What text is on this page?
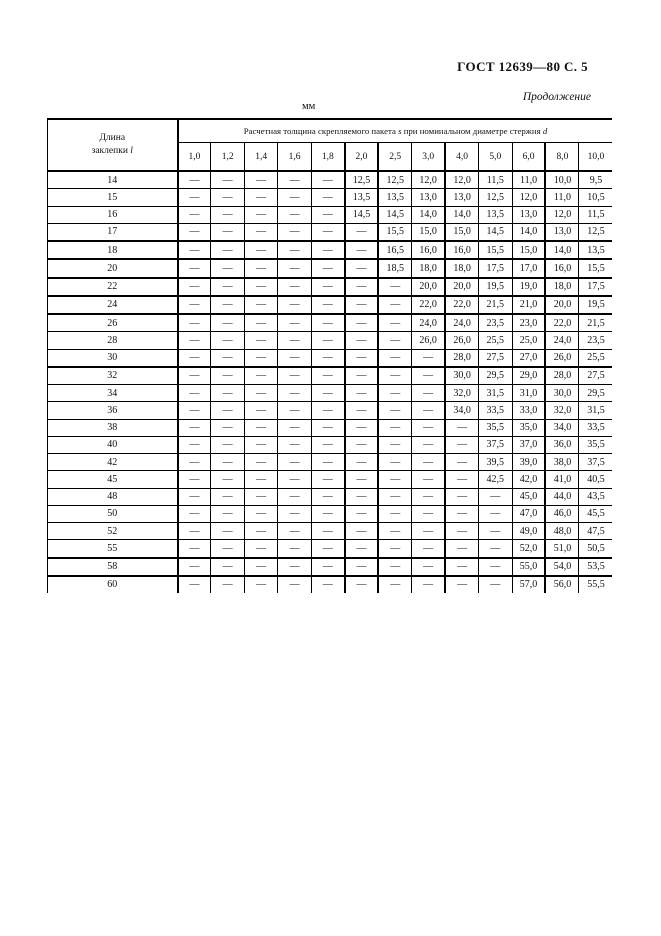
ГОСТ 12639—80 С. 5
Продолжение
мм
Длина
заклепки l	Расчетная толщина скрепляемого пакета s при номинальном диаметре стержня d												
	1,0	1,2	1,4	1,6	1,8	2,0	2,5	3,0	4,0	5,0	6,0	8,0	10,0
14	—	—	—	—	—	12,5	12,5	12,0	12,0	11,5	11,0	10,0	9,5
15	—	—	—	—	—	13,5	13,5	13,0	13,0	12,5	12,0	11,0	10,5
16	—	—	—	—	—	14,5	14,5	14,0	14,0	13,5	13,0	12,0	11,5
17	—	—	—	—	—	—	15,5	15,0	15,0	14,5	14,0	13,0	12,5
18	—	—	—	—	—	—	16,5	16,0	16,0	15,5	15,0	14,0	13,5
20	—	—	—	—	—	—	18,5	18,0	18,0	17,5	17,0	16,0	15,5
22	—	—	—	—	—	—	—	20,0	20,0	19,5	19,0	18,0	17,5
24	—	—	—	—	—	—	—	22,0	22,0	21,5	21,0	20,0	19,5
26	—	—	—	—	—	—	—	24,0	24,0	23,5	23,0	22,0	21,5
28	—	—	—	—	—	—	—	26,0	26,0	25,5	25,0	24,0	23,5
30	—	—	—	—	—	—	—	—	28,0	27,5	27,0	26,0	25,5
32	—	—	—	—	—	—	—	—	30,0	29,5	29,0	28,0	27,5
34	—	—	—	—	—	—	—	—	32,0	31,5	31,0	30,0	29,5
36	—	—	—	—	—	—	—	—	34,0	33,5	33,0	32,0	31,5
38	—	—	—	—	—	—	—	—	—	35,5	35,0	34,0	33,5
40	—	—	—	—	—	—	—	—	—	37,5	37,0	36,0	35,5
42	—	—	—	—	—	—	—	—	—	39,5	39,0	38,0	37,5
45	—	—	—	—	—	—	—	—	—	42,5	42,0	41,0	40,5
48	—	—	—	—	—	—	—	—	—	—	45,0	44,0	43,5
50	—	—	—	—	—	—	—	—	—	—	47,0	46,0	45,5
52	—	—	—	—	—	—	—	—	—	—	49,0	48,0	47,5
55	—	—	—	—	—	—	—	—	—	—	52,0	51,0	50,5
58	—	—	—	—	—	—	—	—	—	—	55,0	54,0	53,5
60	—	—	—	—	—	—	—	—	—	—	57,0	56,0	55,5
